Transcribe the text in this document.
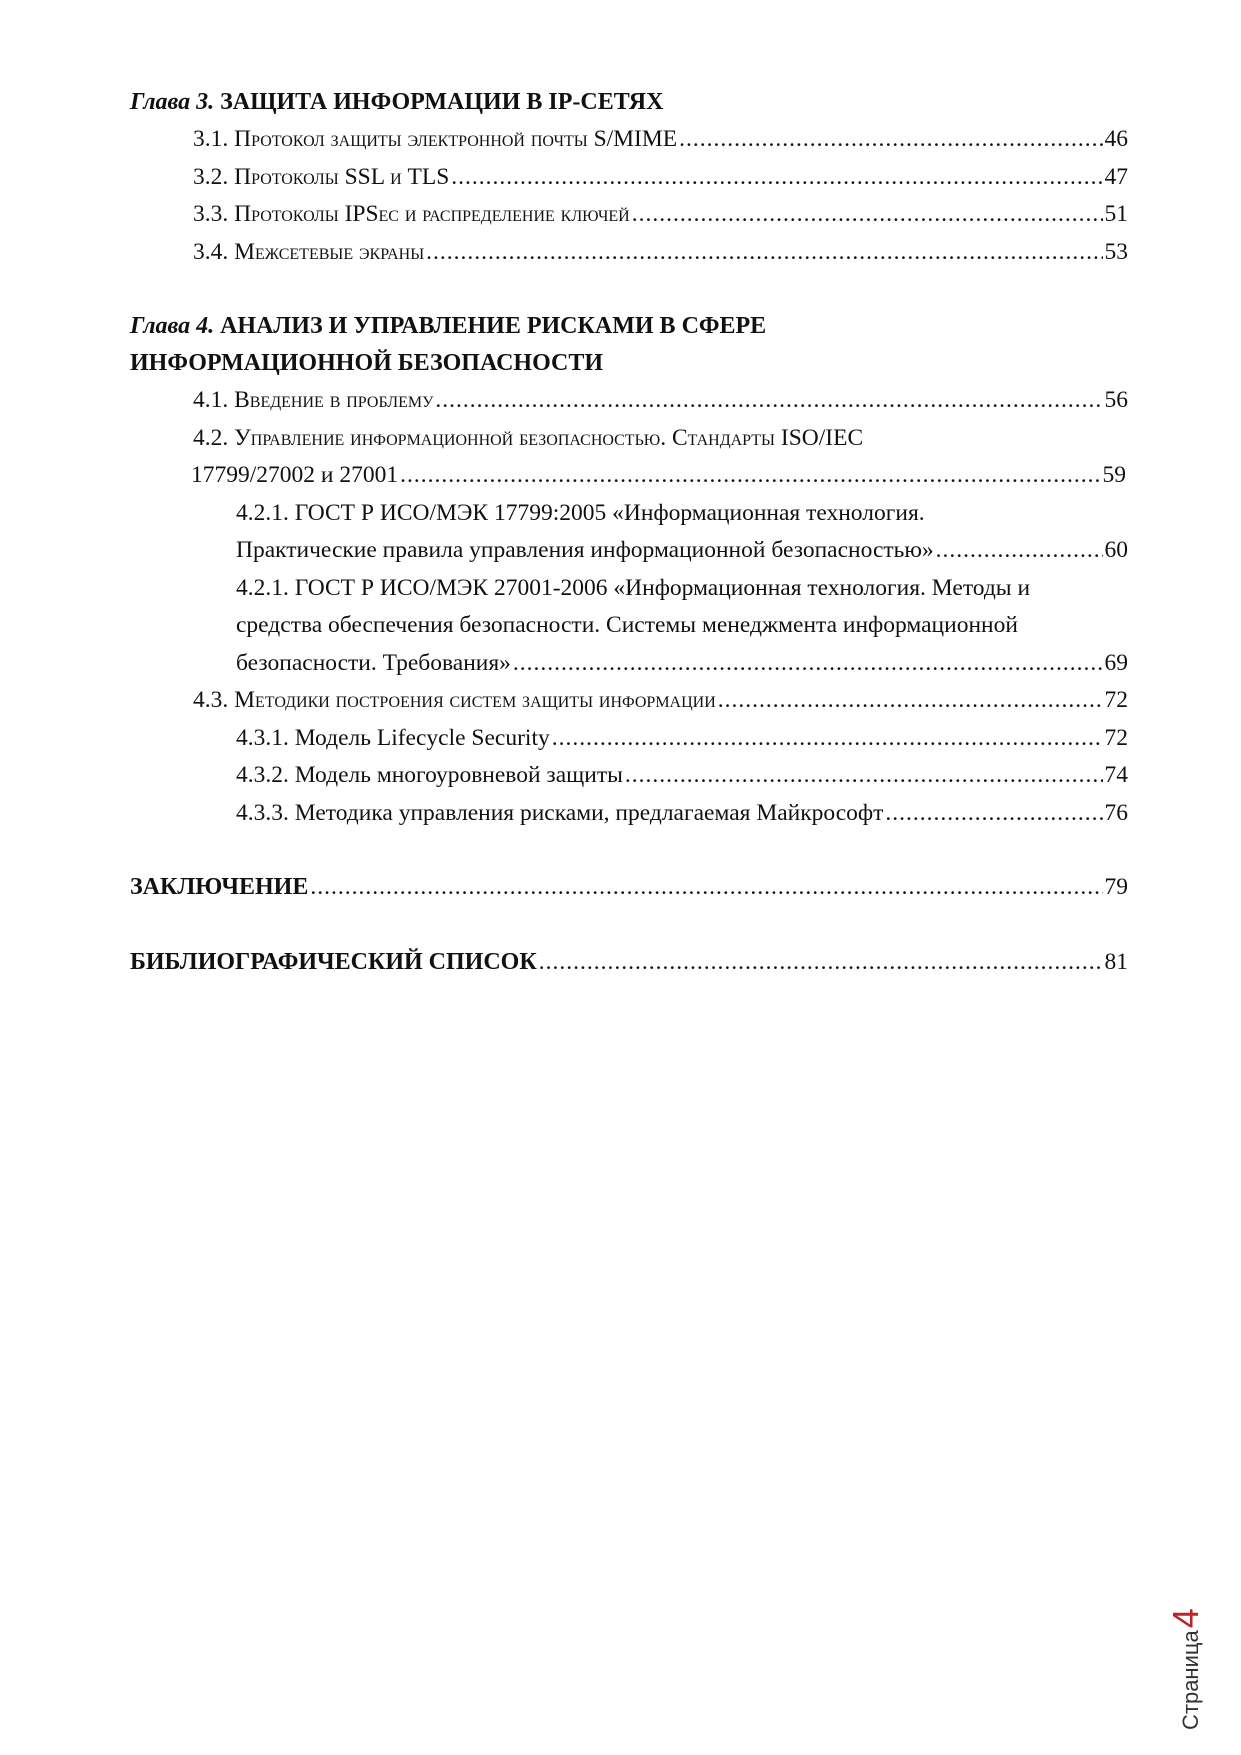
Глава 3. ЗАЩИТА ИНФОРМАЦИИ В IP-СЕТЯХ
3.1. Протокол защиты электронной почты S/MIME .....	46
3.2. Протоколы SSL и TLS .....	47
3.3. Протоколы IPSec и распределение ключей .....	51
3.4. Межсетевые экраны .....	53
Глава 4. АНАЛИЗ И УПРАВЛЕНИЕ РИСКАМИ В СФЕРЕ
ИНФОРМАЦИОННОЙ БЕЗОПАСНОСТИ
4.1. Введение в проблему .....	56
4.2. Управление информационной безопасностью. Стандарты ISO/IEC
17799/27002 и 27001 .....	59
4.2.1. ГОСТ Р ИСО/МЭК 17799:2005 «Информационная технология.
Практические правила управления информационной безопасностью» .....	60
4.2.1. ГОСТ Р ИСО/МЭК 27001-2006 «Информационная технология. Методы и
средства обеспечения безопасности. Системы менеджмента информационной
безопасности. Требования» .....	69
4.3. Методики построения систем защиты информации .....	72
4.3.1. Модель Lifecycle Security .....	72
4.3.2. Модель многоуровневой защиты .....	74
4.3.3. Методика управления рисками, предлагаемая Майкрософт .....	76
ЗАКЛЮЧЕНИЕ .....	79
БИБЛИОГРАФИЧЕСКИЙ СПИСОК .....	81
Страница
4
